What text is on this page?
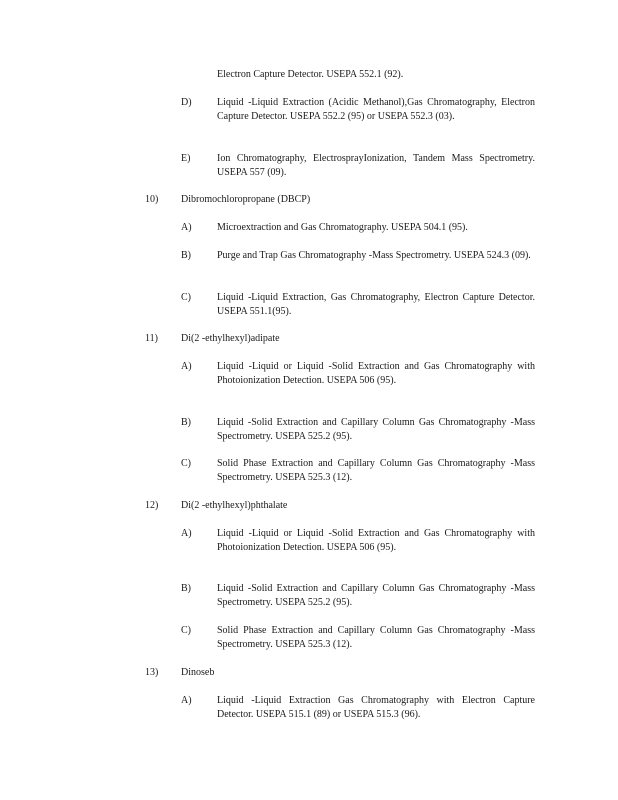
Electron Capture Detector. USEPA 552.1 (92).
D)	Liquid -Liquid Extraction (Acidic Methanol),Gas Chromatography, Electron Capture Detector. USEPA 552.2 (95) or USEPA 552.3 (03).
E)	Ion Chromatography, ElectrosprayIonization, Tandem Mass Spectrometry. USEPA 557 (09).
10) Dibromochloropropane (DBCP)
A)	Microextraction and Gas Chromatography. USEPA 504.1 (95).
B)	Purge and Trap Gas Chromatography -Mass Spectrometry. USEPA 524.3 (09).
C)	Liquid -Liquid Extraction, Gas Chromatography, Electron Capture Detector. USEPA 551.1(95).
11) Di(2 -ethylhexyl)adipate
A)	Liquid -Liquid or Liquid -Solid Extraction and Gas Chromatography with Photoionization Detection. USEPA 506 (95).
B)	Liquid -Solid Extraction and Capillary Column Gas Chromatography -Mass Spectrometry. USEPA 525.2 (95).
C)	Solid Phase Extraction and Capillary Column Gas Chromatography -Mass Spectrometry. USEPA 525.3 (12).
12) Di(2 -ethylhexyl)phthalate
A)	Liquid -Liquid or Liquid -Solid Extraction and Gas Chromatography with Photoionization Detection. USEPA 506 (95).
B)	Liquid -Solid Extraction and Capillary Column Gas Chromatography -Mass Spectrometry. USEPA 525.2 (95).
C)	Solid Phase Extraction and Capillary Column Gas Chromatography -Mass Spectrometry. USEPA 525.3 (12).
13) Dinoseb
A)	Liquid -Liquid Extraction Gas Chromatography with Electron Capture Detector. USEPA 515.1 (89) or USEPA 515.3 (96).
